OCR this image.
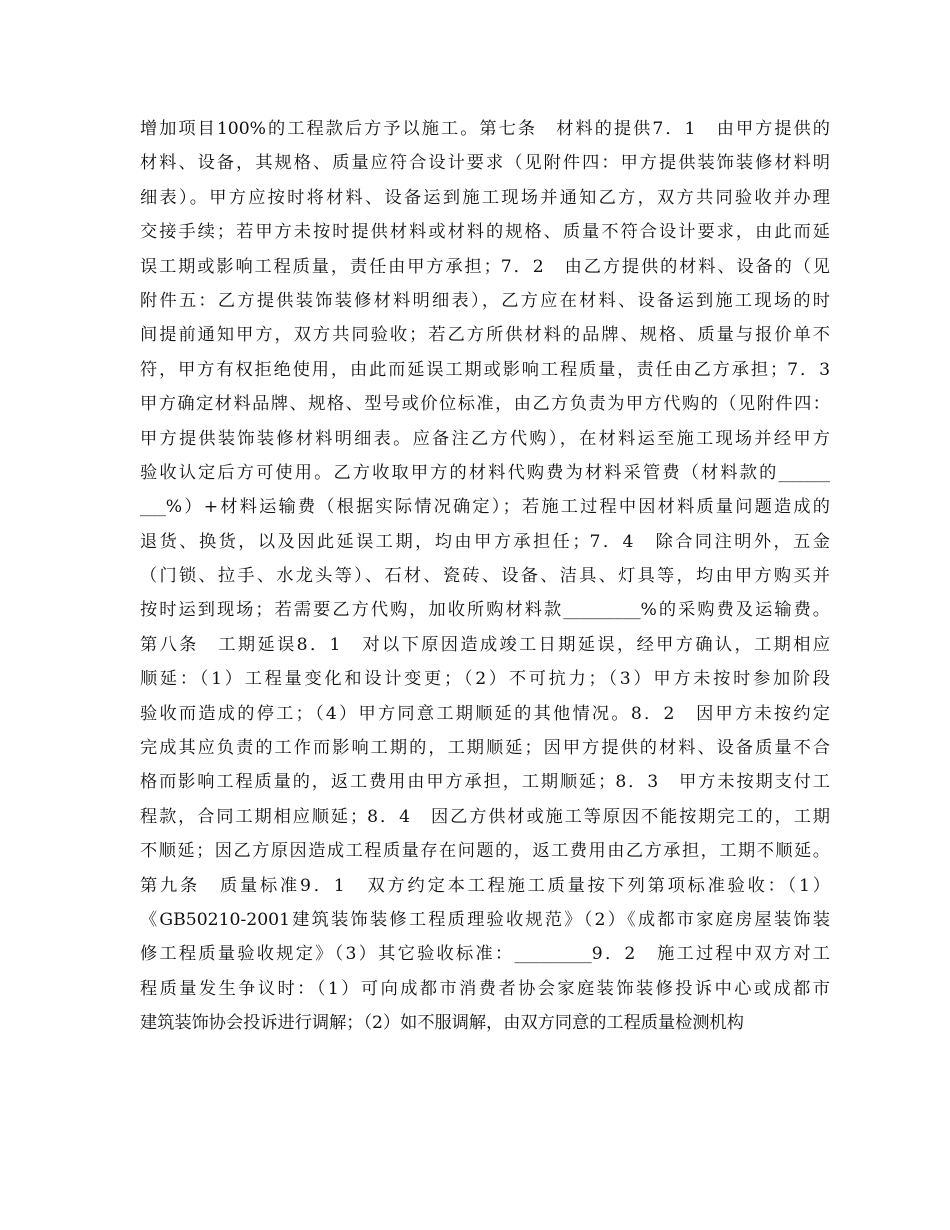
增加项目100%的工程款后方予以施工。第七条　材料的提供7．1　由甲方提供的
材料、设备，其规格、质量应符合设计要求（见附件四：甲方提供装饰装修材料明
细表）。甲方应按时将材料、设备运到施工现场并通知乙方，双方共同验收并办理
交接手续；若甲方未按时提供材料或材料的规格、质量不符合设计要求，由此而延
误工期或影响工程质量，责任由甲方承担；7．2　由乙方提供的材料、设备的（见
附件五：乙方提供装饰装修材料明细表），乙方应在材料、设备运到施工现场的时
间提前通知甲方，双方共同验收；若乙方所供材料的品牌、规格、质量与报价单不
符，甲方有权拒绝使用，由此而延误工期或影响工程质量，责任由乙方承担；7．3
甲方确定材料品牌、规格、型号或价位标准，由乙方负责为甲方代购的（见附件四：
甲方提供装饰装修材料明细表。应备注乙方代购），在材料运至施工现场并经甲方
验收认定后方可使用。乙方收取甲方的材料代购费为材料采管费（材料款的______
___%）+材料运输费（根据实际情况确定）；若施工过程中因材料质量问题造成的
退货、换货，以及因此延误工期，均由甲方承担任；7．4　除合同注明外，五金
（门锁、拉手、水龙头等）、石材、瓷砖、设备、洁具、灯具等，均由甲方购买并
按时运到现场；若需要乙方代购，加收所购材料款_________%的采购费及运输费。
第八条　工期延误8．1　对以下原因造成竣工日期延误，经甲方确认，工期相应
顺延：（1）工程量变化和设计变更；（2）不可抗力；（3）甲方未按时参加阶段
验收而造成的停工；（4）甲方同意工期顺延的其他情况。8．2　因甲方未按约定
完成其应负责的工作而影响工期的，工期顺延；因甲方提供的材料、设备质量不合
格而影响工程质量的，返工费用由甲方承担，工期顺延；8．3　甲方未按期支付工
程款，合同工期相应顺延；8．4　因乙方供材或施工等原因不能按期完工的，工期
不顺延；因乙方原因造成工程质量存在问题的，返工费用由乙方承担，工期不顺延。
第九条　质量标准9．1　双方约定本工程施工质量按下列第项标准验收：（1）
《GB50210-2001建筑装饰装修工程质理验收规范》（2）《成都市家庭房屋装饰装
修工程质量验收规定》（3）其它验收标准：_________9．2　施工过程中双方对工
程质量发生争议时：（1）可向成都市消费者协会家庭装饰装修投诉中心或成都市
建筑装饰协会投诉进行调解；（2）如不服调解，由双方同意的工程质量检测机构
